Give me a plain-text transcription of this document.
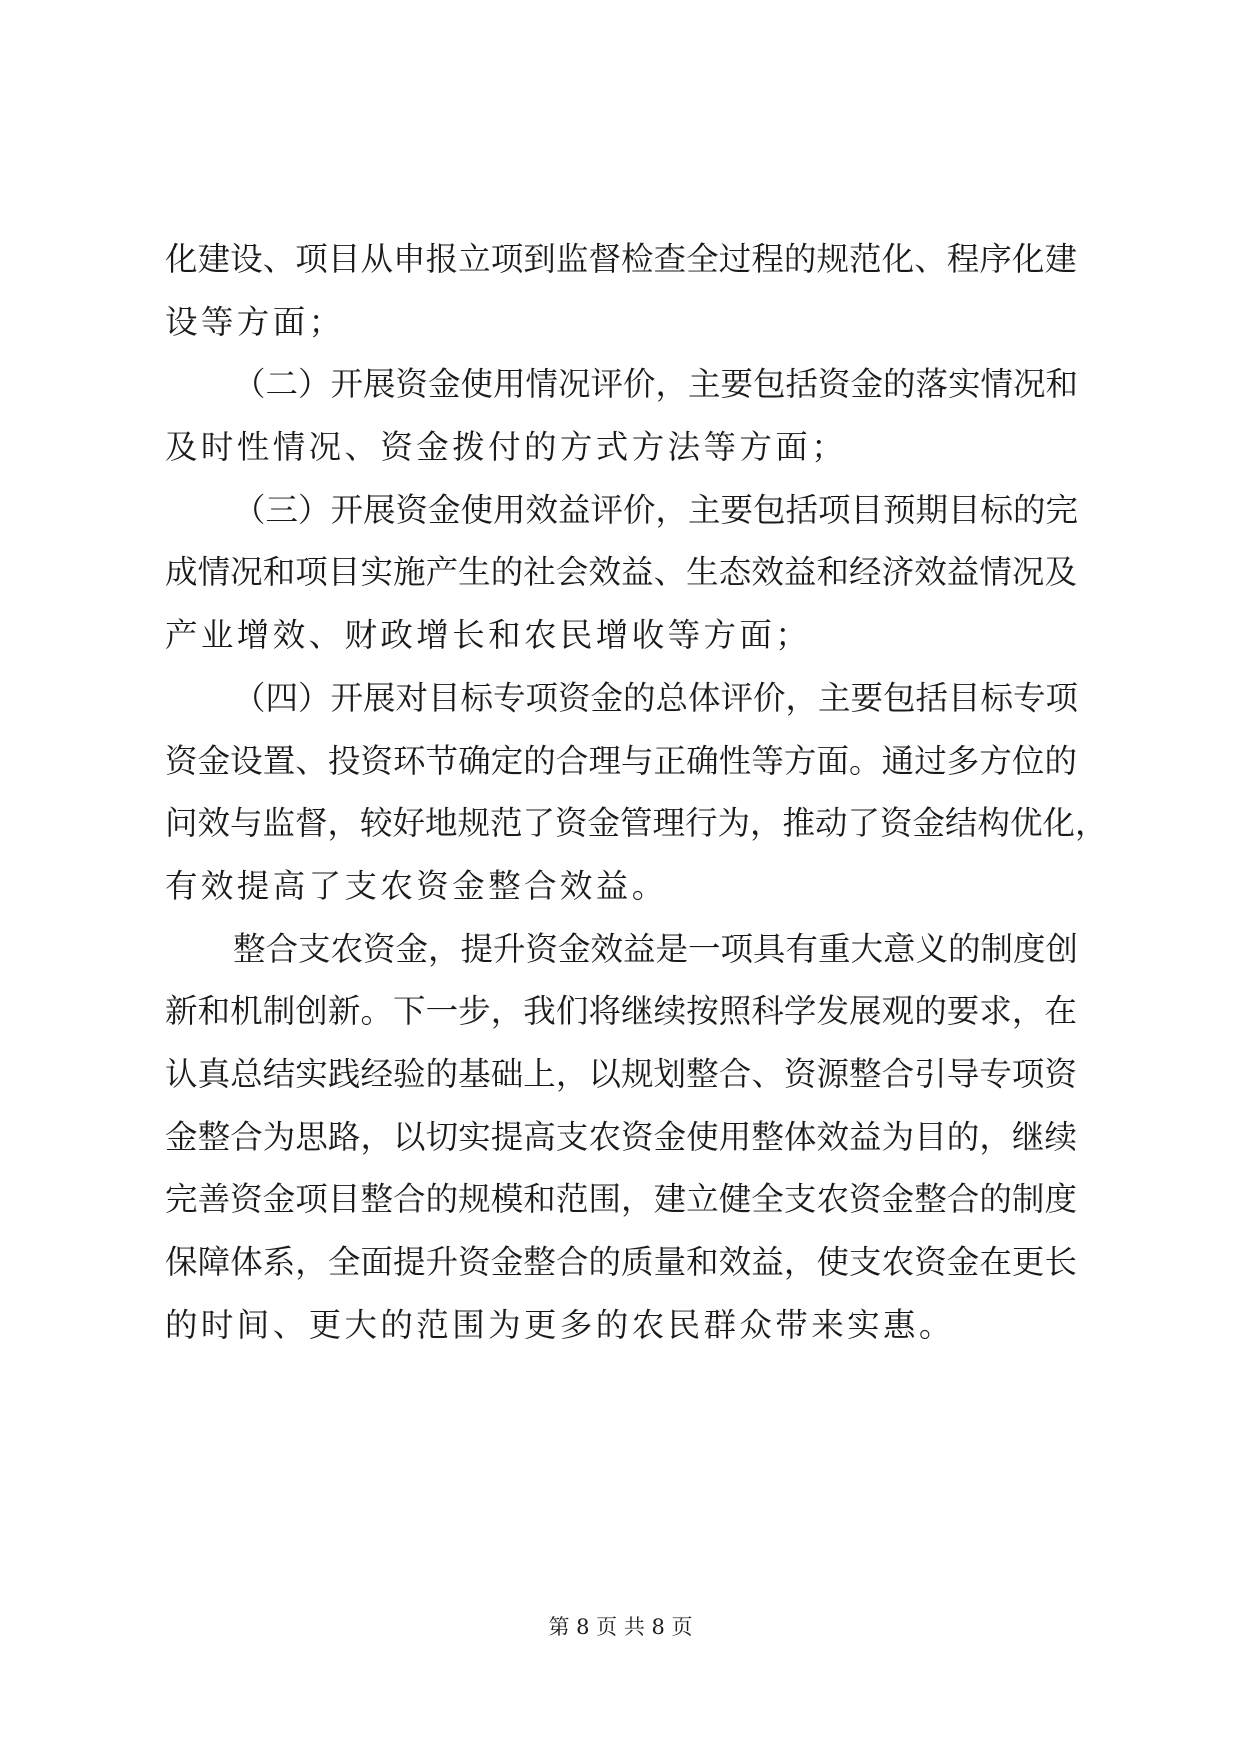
化建设、项目从申报立项到监督检查全过程的规范化、程序化建
设等方面；
（二）开展资金使用情况评价，主要包括资金的落实情况和
及时性情况、资金拨付的方式方法等方面；
（三）开展资金使用效益评价，主要包括项目预期目标的完
成情况和项目实施产生的社会效益、生态效益和经济效益情况及
产业增效、财政增长和农民增收等方面；
（四）开展对目标专项资金的总体评价，主要包括目标专项
资金设置、投资环节确定的合理与正确性等方面。通过多方位的
问效与监督，较好地规范了资金管理行为，推动了资金结构优化，
有效提高了支农资金整合效益。
整合支农资金，提升资金效益是一项具有重大意义的制度创
新和机制创新。下一步，我们将继续按照科学发展观的要求，在
认真总结实践经验的基础上，以规划整合、资源整合引导专项资
金整合为思路，以切实提高支农资金使用整体效益为目的，继续
完善资金项目整合的规模和范围，建立健全支农资金整合的制度
保障体系，全面提升资金整合的质量和效益，使支农资金在更长
的时间、更大的范围为更多的农民群众带来实惠。
第 8 页 共 8 页
